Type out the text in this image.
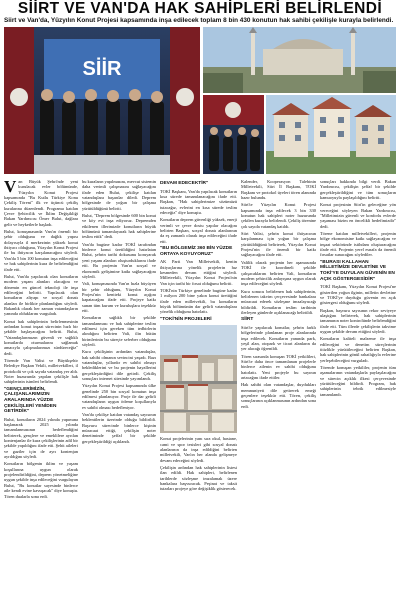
SİİRT VE VAN'DA HAK SAHİPLERİ BELİRLENDİ
Siirt ve Van'da, Yüzyılın Konut Projesi kapsamında inşa edilecek toplam 8 bin 430 konutun hak sahibi çekilişle kurayla belirlendi.
SİİR

Van Büyük Şehri'nde yeni kurulacak evler bölümünde, Yüzyılın Konut Projesi kapsamında "Bu Kutlu Türkiye Konu Çekiliş Töreni" ilk ve üçüncü çekiliş kuralarına düzenlendi. Programa katılan Çevre Şehircilik ve İklim Değişikliği Bakan Yardımcısı Ömer Bulut, dağlara gelir ve heyketlerle başladı.

Bulut, konuşmasında Van'ın önemli bir şehir olduğunu ve dağlık yapısı dolayısıyla il merkezinin yüksek konut ihtiyacı olduğunu, Yüzyılın Konut Projesi ile bu ihtiyacın karşılanacağını söyledi. Van'da 5 bin 100 konutun inşa edileceğini ve hak sahiplerinin kura ile belirlendiğini ifade etti.

Bulut, Van'da yapılacak olan konutların modern yaşam alanları olacağını ve dönemin en güncel teknoloji ile inşa edileceğini belirtti. Yapılacak olan konutların altyapı ve sosyal donatı alanları ile birlikte planlandığını söyledi. Bakanlık olarak her zaman vatandaşların yanında olduklarını vurguladı.

Konut hak sahiplerinin belirlenmesinin ardından konut inşaat sürecinin hızlı bir şekilde başlayacağını belirtti. Bulut, "Vatandaşlarımızın güvenli ve sağlıklı konutlarda oturmalarını sağlamak amacıyla çalışmalarımızı sürdüreceğiz" dedi.

Törende Van Valisi ve Büyükşehir Belediye Başkan Vekili, milletvekilleri, il protokolü ve çok sayıda vatandaş yer aldı. Noter huzurunda yapılan çekilişle hak sahiplerinin isimleri belirlendi.

"GENÇLERİMİZİN, ÇALIŞANLARIMIZIN ARALARINDA YÜZDE ÇEKİLİŞLERİ YENİDEN GETİRDİK"

Bulut, konutların 2024 yılında yapımına başlanarak 2025 yılında tamamlanmasının hedeflendiğini belirterek, gençlere ve emeklilere ayrılan kontenjanlar ile kura çekilişlerinin adil bir şekilde yapıldığını ifade etti. Şehit aileleri ve gaziler için de ayrı kontenjan ayrıldığını söyledi.

Konutların bölgenin iklim ve yaşam koşullarına uygun olarak projelendirildiğini, deprem yönetmeliğine uygun şekilde inşa edileceğini vurgulayan Bulut, "Bu konutlar sayesinde binlerce aile kendi evine kavuşacak" diye konuştu. Tören dualarla sona erdi.

bu kuraların yapılmasını, mevcut sistemin daha verimli çalışmasını sağlayacağını ifade eden Bulut, çekilişe katılan vatandaşlara başarılar diledi. Deprem bölgesinde de yoğun bir çalışma yürütüldüğünü belirtti.

Bulut, "Deprem bölgesinde 600 bin konut ve köy evi inşa ediyoruz. Depremden etkilenen illerimizde konutların büyük bölümünü tamamlayarak hak sahiplerine teslim ettik" dedi.

Van'da bugüne kadar TOKİ tarafından binlerce konut üretildiğini hatırlatan Bulut, şehrin tarihi dokusunu koruyarak yeni yaşam alanları oluşturduklarını ifade etti. Bu projenin Van'ın sosyal ve ekonomik gelişimine katkı sağlayacağını söyledi.

Vali, konuşmasında Van'ın hızla büyüyen bir şehir olduğunu, Yüzyılın Konut Projesi'nin kentteki konut açığını kapatacağını ifade etti. Projeye katkı sunan tüm kurum ve kuruluşlara teşekkür etti.

Konutların sağlıklı bir şekilde tamamlanması ve hak sahiplerine teslim edilmesi için gereken tüm tedbirlerin alındığını belirten Vali, ilin bütün birimlerinin bu süreçte seferber olduğunu söyledi.

Kura çekilişinin ardından vatandaşlar, hak sahibi olmanın sevincini yaşadı. Bazı vatandaşlar, yıllardır ev sahibi olmayı beklediklerini ve bu projenin hayallerini gerçekleştirdiğini dile getirdi. Çekiliş sonuçları internet sitesinde yayımlandı.

Yüzyılın Konut Projesi kapsamında ülke genelinde 250 bin sosyal konutun inşa edilmesi planlanıyor. Proje ile dar gelirli vatandaşların uygun ödeme koşullarıyla ev sahibi olması hedefleniyor.

Van'da çekilişe katılan vatandaş sayısının beklentilerin üzerinde olduğu bildirildi. Başvuru sürecinde binlerce kişinin müracaat ettiği, çekilişin noter denetiminde şeffaf bir şekilde gerçekleştirildiği açıklandı.

DEVAM EDECEKTİR"

TOKİ Başkanı, Van'da yapılacak konutların kısa sürede tamamlanacağını ifade etti. Başkan, "Hak sahiplerimize sözümüzü tutacağız, evlerini en kısa sürede teslim edeceğiz" diye konuştu.

Konutların deprem güvenliği yüksek, enerji verimli ve çevre dostu yapılar olacağını belirten Başkan, sosyal donatı alanlarının da eş zamanlı olarak inşa edileceğini ifade etti.

"BU BÖLGEMİZ 360 BİN YÜZDE ORTAYA KOYUYORUZ"

AK Parti Van Milletvekili, kentin ihtiyaçlarına yönelik projelerin hız kesmeden devam ettiğini söyledi. Milletvekili, Yüzyılın Konut Projesi'nin Van için tarihi bir fırsat olduğunu belirtti.

TOKİ'nin Türkiye genelinde bugüne kadar 1 milyon 200 bine yakın konut ürettiğini ifade eden milletvekili, bu konutların büyük bölümünün dar gelirli vatandaşlara yönelik olduğunu hatırlattı.

"TOKİ'NİN PROJELERİ

Konut projelerinin yanı sıra okul, hastane, cami ve spor tesisleri gibi sosyal donatı alanlarının da inşa edildiğini belirten milletvekili, Van'ın her alanda gelişmeye devam edeceğini söyledi.

Çekilişin ardından hak sahiplerinin listesi ilan edildi. Hak sahipleri, belirlenen tarihlerde sözleşme imzalamak üzere bankalara başvuracak. Peşinat ve taksit tutarları projeye göre değişiklik gösterecek.

Kalender, Kooperasyon Talebinin Milletvekili, Siirt İl Başkanı, TOKİ Başkanı ve protokol üyeleri tören alanında hazır bulundu.

Siirt'te Yüzyılın Konut Projesi kapsamında inşa edilecek 3 bin 330 konutun hak sahipleri noter huzurunda çekilen kurayla belirlendi. Çekiliş törenine çok sayıda vatandaş katıldı.

Siirt Valisi, şehrin konut ihtiyacının karşılanması için yoğun bir çalışma yürütüldüğünü belirterek, Yüzyılın Konut Projesi'nin ile önemli bir katkı sağlayacağını ifade etti.

Valilik olarak projenin her aşamasında TOKİ ile koordineli şekilde çalışacaklarını belirten Vali, konutların modern şehircilik anlayışına uygun olarak inşa edileceğini söyledi.

Kura sonucu belirlenen hak sahiplerinin, belirlenen takvim çerçevesinde bankalara müracaat ederek sözleşme imzalayacağı bildirildi. Konutların teslim tarihinin ilerleyen günlerde açıklanacağı belirtildi.

SİİRT

Siirt'te yapılacak konutlar, şehrin farklı bölgelerinde planlanan proje alanlarında inşa edilecek. Konutların yanında park, yeşil alan, otopark ve ticari alanların da yer alacağı öğrenildi.

Tören sırasında konuşan TOKİ yetkilileri, Siirt'te daha önce tamamlanan projelerle binlerce ailenin ev sahibi olduğunu hatırlattı. Yeni projeyle bu sayının artacağını ifade ettiler.

Hak sahibi olan vatandaşlar, duydukları memnuniyeti dile getirerek emeği geçenlere teşekkür etti. Tören, çekiliş sonuçlarının açıklanmasının ardından sona erdi.

sonuçları hakkında bilgi verdi. Bakan Yardımcısı, çekilişin şeffaf bir şekilde gerçekleştirildiğini ve tüm sonuçların kamuoyuyla paylaşıldığını belirtti.

Konut projesinin Siirt'in geleceğine yön vereceğini söyleyen Bakan Yardımcısı, "Milletimizin güvenli ve konforlu evlerde yaşaması bizim en öncelikli hedefimizdir" dedi.

Törene katılan milletvekilleri, projenin bölge ekonomisine katkı sağlayacağını ve inşaat sektöründe istihdam oluşturacağını ifade etti. Projenin yerel esnafa da önemli fırsatlar sunacağını söylediler.

"BURASI KALLAHAN MİLLETİMİZE DEVLETİNE VE TOKİ'YE DUYULAN GÜVENİN EN AÇIK GÖSTERGESİDİR"

TOKİ Başkanı, Yüzyılın Konut Projesi'ne gösterilen yoğun ilginin, milletin devletine ve TOKİ'ye duyduğu güvenin en açık göstergesi olduğunu söyledi.

Başkan, başvuru sayısının rekor seviyeye ulaştığını belirterek, hak sahiplerinin tamamının noter kontrolünde belirlendiğini ifade etti. Tüm illerde çekilişlerin takvime uygun şekilde devam ettiğini söyledi.

Konutların kaliteli malzeme ile inşa edileceğini ve denetim süreçlerinin titizlikle yürütüleceğini belirten Başkan, hak sahiplerinin gönül rahatlığıyla evlerine yerleşebileceğini vurguladı.

Törende konuşan yetkililer, projenin tüm aşamalarının vatandaşlarla paylaşılacağını ve sürecin açıklık ilkesi çerçevesinde yürütüleceğini bildirdi. Program, hak sahiplerinin tebrik edilmesiyle tamamlandı.
